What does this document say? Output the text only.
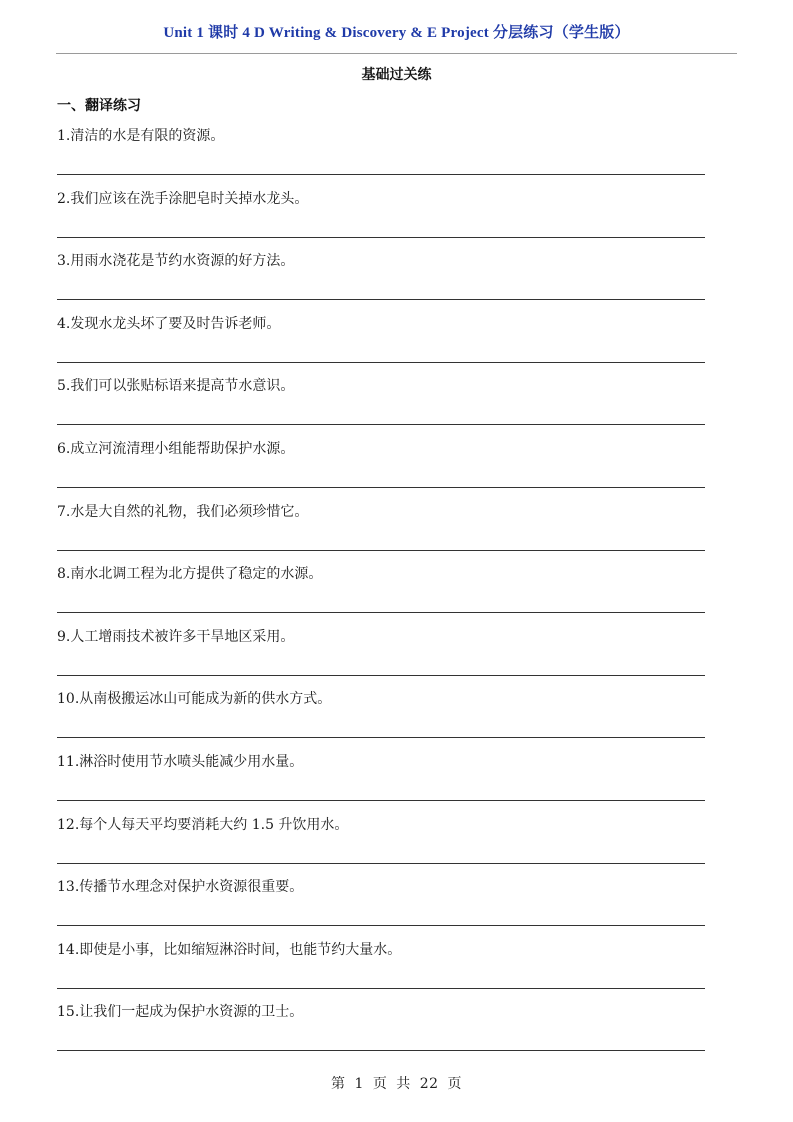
Unit 1 课时 4 D Writing & Discovery & E Project 分层练习（学生版）
基础过关练
一、翻译练习
1.清洁的水是有限的资源。
2.我们应该在洗手涂肥皂时关掉水龙头。
3.用雨水浇花是节约水资源的好方法。
4.发现水龙头坏了要及时告诉老师。
5.我们可以张贴标语来提高节水意识。
6.成立河流清理小组能帮助保护水源。
7.水是大自然的礼物，我们必须珍惜它。
8.南水北调工程为北方提供了稳定的水源。
9.人工增雨技术被许多干旱地区采用。
10.从南极搬运冰山可能成为新的供水方式。
11.淋浴时使用节水喷头能减少用水量。
12.每个人每天平均要消耗大约 1.5 升饮用水。
13.传播节水理念对保护水资源很重要。
14.即使是小事，比如缩短淋浴时间，也能节约大量水。
15.让我们一起成为保护水资源的卫士。
第 1 页 共 22 页
